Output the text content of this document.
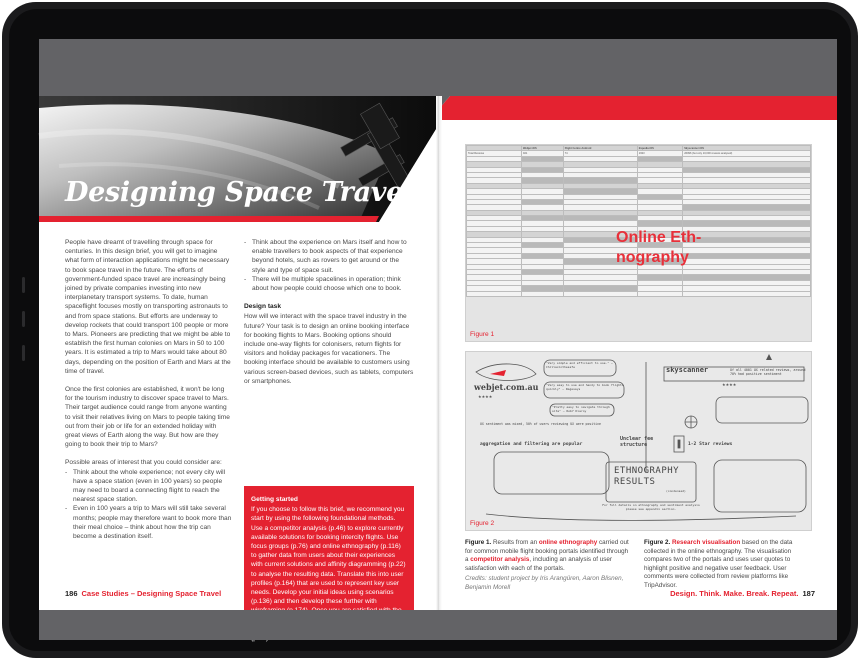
Designing Space Travel

People have dreamt of travelling through space for centuries. In this design brief, you will get to imagine what form of interaction applications might be necessary to book space travel in the future. The efforts of government-funded space travel are increasingly being joined by private companies investing into new interplanetary transport systems. To date, human spaceflight focuses mostly on transporting astronauts to and from space stations. But efforts are underway to develop rockets that could transport 100 people or more to Mars. Pioneers are predicting that we might be able to establish the first human colonies on Mars in 50 to 100 years. It is estimated a trip to Mars would take about 80 days, depending on the position of Earth and Mars at the time of travel.

Once the first colonies are established, it won't be long for the tourism industry to discover space travel to Mars. Their target audience could range from anyone wanting to visit their relatives living on Mars to people taking time out from their job or life for an extended holiday with great views of Earth along the way. But how are they going to book their trip to Mars?

Possible areas of interest that you could consider are:
- Think about the whole experience; not every city will have a space station (even in 100 years) so people may need to board a connecting flight to reach the nearest space station.
- Even in 100 years a trip to Mars will still take several months; people may therefore want to book more than their meal choice – think about how the trip can become a destination itself.
- Think about the experience on Mars itself and how to enable travellers to book aspects of that experience beyond hotels, such as rovers to get around or the style and type of space suit.
- There will be multiple spacelines in operation; think about how people could choose which one to book.
Design task
How will we interact with the space travel industry in the future? Your task is to design an online booking interface for booking flights to Mars. Booking options should include one-way flights for colonisers, return flights for visitors and holiday packages for vacationers. The booking interface should be available to customers using various screen-based devices, such as tablets, computers or smartphones.
Getting started
If you choose to follow this brief, we recommend you start by using the following foundational methods. Use a competitor analysis (p.46) to explore currently available solutions for booking intercity flights. Use focus groups (p.76) and online ethnography (p.116) to gather data from users about their experiences with current solutions and affinity diagramming (p.22) to analyse the resulting data. Translate this into user profiles (p.164) that are used to represent key user needs. Develop your initial ideas using scenarios (p.136) and then develop these further with
186 Case Studies – Designing Space Travel
	Webjet iOS	Flight Centre Android	Expedia iOS	Skyscanner iOS
Total Reviews	921	74	1933	26096 (but only 10,000 reviews analysed)

Online Eth-
nography
Figure 1
★★★★
★★★★
webjet.com.au
skyscanner
"Very simple and efficient to use." – Chillaxinthesafe
"Very easy to use and handy to book flights quickly" – Ragesays
"Pretty easy to navigate through site" – Rob7 Diaroy
Of all 4001 UX related reviews, around 70% had positive sentiment
UX sentiment was mixed, 50% of users reviewing UX were positive
aggregation and filtering are popular
Unclear fee structure	1-2 Star reviews
ETHNOGRAPHY RESULTS
(condensed)
For full details on ethnography and sentiment analysis please see appendix section.
Figure 2
Figure 1. Results from an online ethnography carried out for common mobile flight booking portals identified through a competitor analysis, including an analysis of user satisfaction with each of the portals.
Credits: student project by Iris Arangüren, Aaron Blisnen, Benjamin Morell
Figure 2. Research visualisation based on the data collected in the online ethnography. The visualisation compares two of the portals and uses user quotes to highlight positive and negative user feedback. User comments were collected from review platforms like TripAdvisor.
Design. Think. Make. Break. Repeat. 187
